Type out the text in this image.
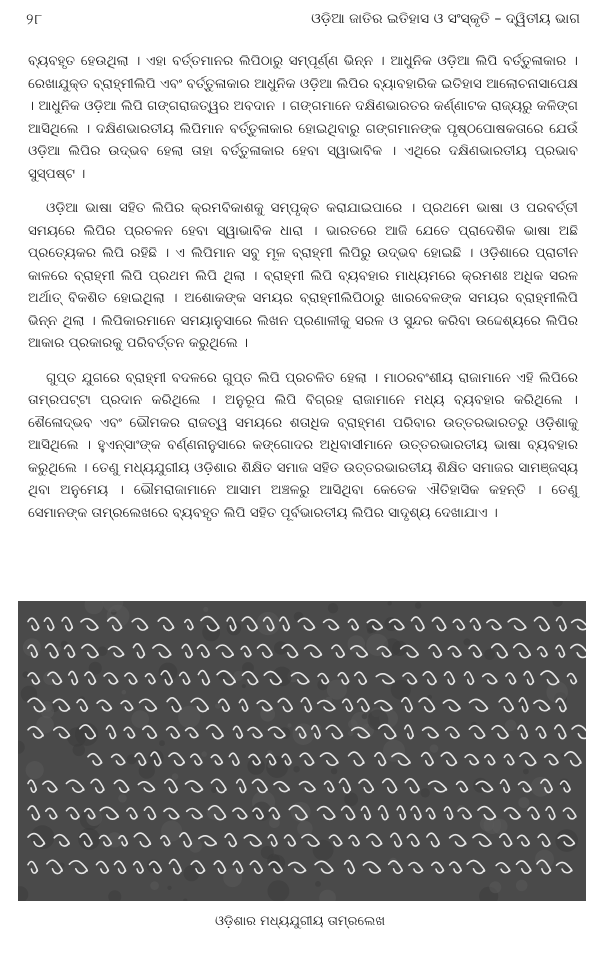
୨୮	ଓଡ଼ିଆ ଜାତିର ଇତିହାସ ଓ ସଂସ୍କୃତି – ଦ୍ୱିତୀୟ ଭାଗ

ବ୍ୟବହୃତ ହେଉଥିଲା । ଏହା ବର୍ତ୍ତମାନର ଲିପିଠାରୁ ସମ୍ପୂର୍ଣ୍ଣ ଭିନ୍ନ । ଆଧୁନିକ ଓଡ଼ିଆ ଲିପି ବର୍ତ୍ତୁଳାକାର । ରେଖାଯୁକ୍ତ ବ୍ରାହ୍ମୀଲିପି ଏବଂ ବର୍ତ୍ତୁଳାକାର ଆଧୁନିକ ଓଡ଼ିଆ ଲିପିର ବ୍ୟାବହାରିକ ଇତିହାସ ଆଲୋଚନାସାପେକ୍ଷ । ଆଧୁନିକ ଓଡ଼ିଆ ଲିପି ଗଙ୍ଗରାଜତ୍ୱର ଅବଦାନ । ଗଙ୍ଗମାନେ ଦକ୍ଷିଣଭାରତର କର୍ଣ୍ଣାଟକ ରାଜ୍ୟରୁ କଳିଙ୍ଗ ଆସିଥିଲେ । ଦକ୍ଷିଣଭାରତୀୟ ଲିପିମାନ ବର୍ତ୍ତୁଳାକାର ହୋଇଥିବାରୁ ଗଙ୍ଗମାନଙ୍କ ପୃଷ୍ଠପୋଷକତାରେ ଯେଉଁ ଓଡ଼ିଆ ଲିପିର ଉଦ୍‌ଭବ ହେଲା ତାହା ବର୍ତ୍ତୁଳାକାର ହେବା ସ୍ୱାଭାବିକ । ଏଥିରେ ଦକ୍ଷିଣଭାରତୀୟ ପ୍ରଭାବ ସୁସ୍ପଷ୍ଟ ।

ଓଡ଼ିଆ ଭାଷା ସହିତ ଲିପିର କ୍ରମବିକାଶକୁ ସମ୍ପୃକ୍ତ କରାଯାଇପାରେ । ପ୍ରଥମେ ଭାଷା ଓ ପରବର୍ତ୍ତୀ ସମୟରେ ଲିପିର ପ୍ରଚଳନ ହେବା ସ୍ୱାଭାବିକ ଧାରା । ଭାରତରେ ଆଜି ଯେତେ ପ୍ରାଦେଶିକ ଭାଷା ଅଛି ପ୍ରତ୍ୟେକର ଲିପି ରହିଛି । ଏ ଲିପିମାନ ସବୁ ମୂଳ ବ୍ରାହ୍ମୀ ଲିପିରୁ ଉଦ୍‌ଭବ ହୋଇଛି । ଓଡ଼ିଶାରେ ପ୍ରାଚୀନ କାଳରେ ବ୍ରାହ୍ମୀ ଲିପି ପ୍ରଥମ ଲିପି ଥିଲା । ବ୍ରାହ୍ମୀ ଲିପି ବ୍ୟବହାର ମାଧ୍ୟମରେ କ୍ରମଶଃ ଅଧିକ ସରଳ ଅର୍ଥାତ୍ ବିକଶିତ ହୋଇଥିଲା । ଅଶୋକଙ୍କ ସମୟର ବ୍ରାହ୍ମୀଲିପିଠାରୁ ଖାରବେଳଙ୍କ ସମୟର ବ୍ରାହ୍ମୀଲିପି ଭିନ୍ନ ଥିଲା । ଲିପିକାରମାନେ ସମୟାନୁସାରେ ଲିଖନ ପ୍ରଣାଳୀକୁ ସରଳ ଓ ସୁନ୍ଦର କରିବା ଉଦ୍ଦେଶ୍ୟରେ ଲିପିର ଆକାର ପ୍ରକାରକୁ ପରିବର୍ତ୍ତନ କରୁଥିଲେ ।

ଗୁପ୍ତ ଯୁଗରେ ବ୍ରାହ୍ମୀ ବଦଳରେ ଗୁପ୍ତ ଲିପି ପ୍ରଚଳିତ ହେଲା । ମାଠରବଂଶୀୟ ରାଜାମାନେ ଏହି ଲିପିରେ ତାମ୍ରପଟ୍ଟା ପ୍ରଦାନ କରିଥିଲେ । ଅନୁରୂପ ଲିପି ବିଗ୍ରହ ରାଜାମାନେ ମଧ୍ୟ ବ୍ୟବହାର କରିଥିଲେ । ଶୈଳୋଦ୍‌ଭବ ଏବଂ ଭୌମକର ରାଜତ୍ୱ ସମୟରେ ଶତାଧିକ ବ୍ରାହ୍ମଣ ପରିବାର ଉତ୍ତରଭାରତରୁ ଓଡ଼ିଶାକୁ ଆସିଥିଲେ । ହୁଏନ୍‌ସାଂଙ୍କ ବର୍ଣ୍ଣନାନୁସାରେ କଙ୍ଗୋଦର ଅଧିବାସୀମାନେ ଉତ୍ତରଭାରତୀୟ ଭାଷା ବ୍ୟବହାର କରୁଥିଲେ । ତେଣୁ ମଧ୍ୟଯୁଗୀୟ ଓଡ଼ିଶାର ଶିକ୍ଷିତ ସମାଜ ସହିତ ଉତ୍ତରଭାରତୀୟ ଶିକ୍ଷିତ ସମାଜର ସାମଞ୍ଜସ୍ୟ ଥିବା ଅନୁମେୟ । ଭୌମରାଜାମାନେ ଆସାମ ଅଞ୍ଚଳରୁ ଆସିଥିବା କେତେକ ଐତିହାସିକ କହନ୍ତି । ତେଣୁ ସେମାନଙ୍କ ତାମ୍ରଲେଖରେ ବ୍ୟବହୃତ ଲିପି ସହିତ ପୂର୍ବଭାରତୀୟ ଲିପିର ସାଦୃଶ୍ୟ ଦେଖାଯାଏ ।

ଓଡ଼ିଶାର ମଧ୍ୟଯୁଗୀୟ ତାମ୍ରଲେଖ
